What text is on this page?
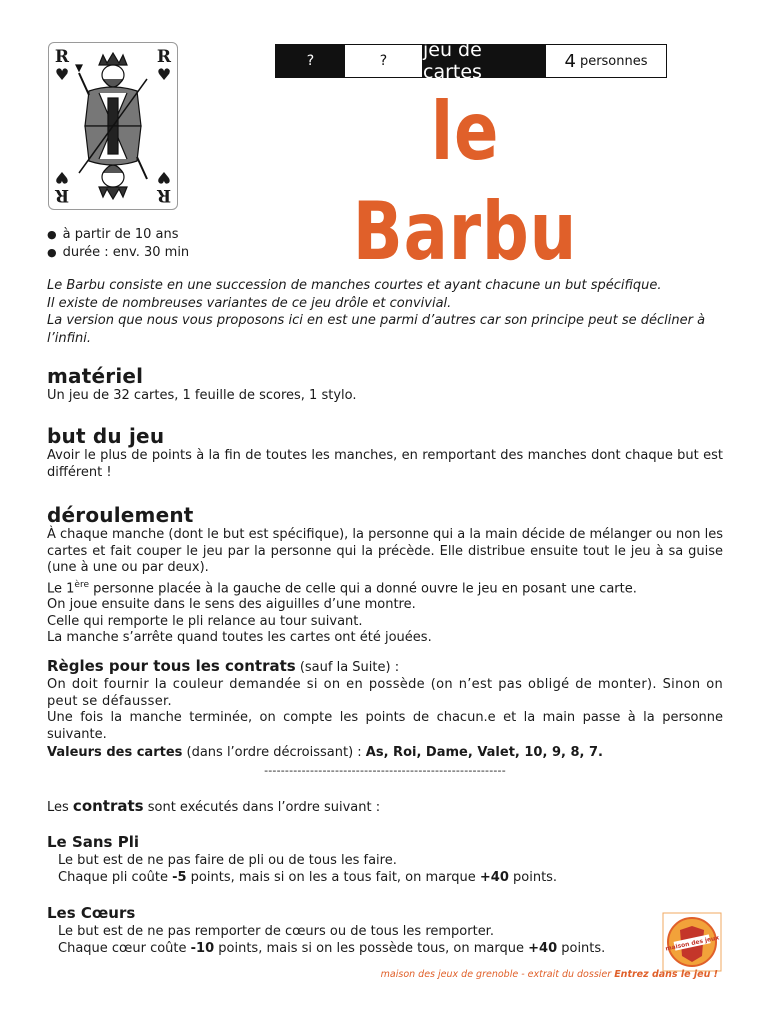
R
♥
R
♥
R
♥
R
♥
?	?	jeu de cartes	4 personnes
le Barbu
● à partir de 10 ans
● durée : env. 30 min
Le Barbu consiste en une succession de manches courtes et ayant chacune un but spécifique.
Il existe de nombreuses variantes de ce jeu drôle et convivial.
La version que nous vous proposons ici en est une parmi d’autres car son principe peut se décliner à l’infini.
matériel
Un jeu de 32 cartes, 1 feuille de scores, 1 stylo.
but du jeu
Avoir le plus de points à la fin de toutes les manches, en remportant des manches dont chaque but est différent !
déroulement
À chaque manche (dont le but est spécifique), la personne qui a la main décide de mélanger ou non les cartes et fait couper le jeu par la personne qui la précède. Elle distribue ensuite tout le jeu à sa guise (une à une ou par deux).
Le 1ère personne placée à la gauche de celle qui a donné ouvre le jeu en posant une carte.
On joue ensuite dans le sens des aiguilles d’une montre.
Celle qui remporte le pli relance au tour suivant.
La manche s’arrête quand toutes les cartes ont été jouées.
Règles pour tous les contrats (sauf la Suite) :
On doit fournir la couleur demandée si on en possède (on n’est pas obligé de monter). Sinon on peut se défausser.
Une fois la manche terminée, on compte les points de chacun.e et la main passe à la personne suivante.
Valeurs des cartes (dans l’ordre décroissant) : As, Roi, Dame, Valet, 10, 9, 8, 7.
----------------------------------------------------------
Les contrats sont exécutés dans l’ordre suivant :
Le Sans Pli
Le but est de ne pas faire de pli ou de tous les faire.
Chaque pli coûte -5 points, mais si on les a tous fait, on marque +40 points.
Les Cœurs
Le but est de ne pas remporter de cœurs ou de tous les remporter.
Chaque cœur coûte -10 points, mais si on les possède tous, on marque +40 points.	maison des jeux
maison des jeux de grenoble - extrait du dossier Entrez dans le jeu !
